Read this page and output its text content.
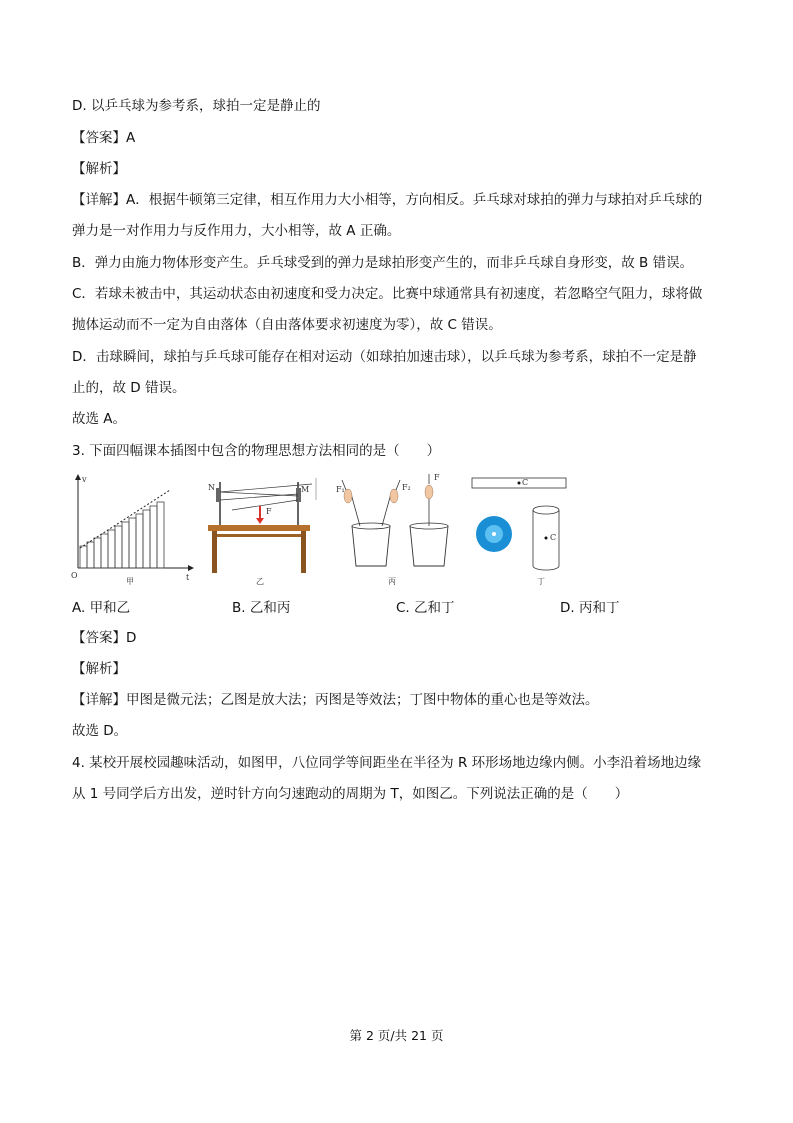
D. 以乒乓球为参考系，球拍一定是静止的
【答案】A
【解析】
【详解】A．根据牛顿第三定律，相互作用力大小相等，方向相反。乒乓球对球拍的弹力与球拍对乒乓球的
弹力是一对作用力与反作用力，大小相等，故 A 正确。
B．弹力由施力物体形变产生。乒乓球受到的弹力是球拍形变产生的，而非乒乓球自身形变，故 B 错误。
C．若球未被击中，其运动状态由初速度和受力决定。比赛中球通常具有初速度，若忽略空气阻力，球将做
抛体运动而不一定为自由落体（自由落体要求初速度为零），故 C 错误。
D．击球瞬间，球拍与乒乓球可能存在相对运动（如球拍加速击球），以乒乓球为参考系，球拍不一定是静
止的，故 D 错误。
故选 A。
3. 下面四幅课本插图中包含的物理思想方法相同的是（　　）
v
t
O
甲
N	M
F
乙
F₁	F₂
F
丙
C
C
丁
A. 甲和乙	B. 乙和丙	C. 乙和丁	D. 丙和丁
【答案】D
【解析】
【详解】甲图是微元法；乙图是放大法；丙图是等效法；丁图中物体的重心也是等效法。
故选 D。
4. 某校开展校园趣味活动，如图甲，八位同学等间距坐在半径为 R 环形场地边缘内侧。小李沿着场地边缘
从 1 号同学后方出发，逆时针方向匀速跑动的周期为 T，如图乙。下列说法正确的是（　　）
第 2 页/共 21 页
